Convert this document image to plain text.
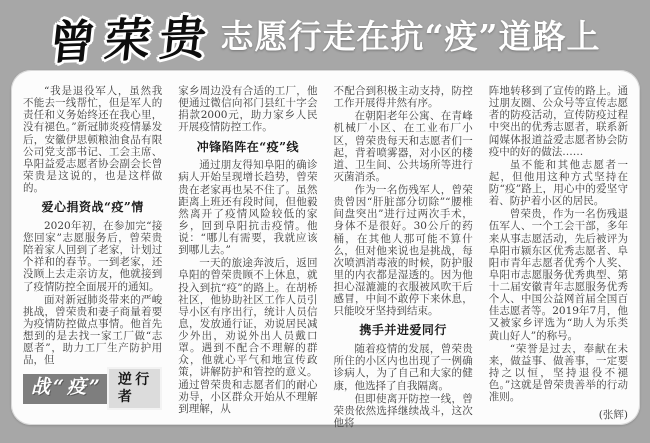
曾荣贵志愿行走在抗“疫”道路上

“我是退役军人，虽然我不能去一线帮忙，但是军人的责任和义务始终还在我心里，没有褪色。”新冠肺炎疫情暴发后，安徽伊思顿粮油食品有限公司党支部书记、工会主席、阜阳益爱志愿者协会副会长曾荣贵是这说的，也是这样做的。

爱心捐资战“疫”情

2020年初，在参加完“接您回家”志愿服务后，曾荣贵陪着家人回到了老家，计划过个祥和的春节。一到老家，还没顾上去走亲访友，他就接到了疫情防控全面展开的通知。

面对新冠肺炎带来的严峻挑战，曾荣贵和妻子商量着要为疫情防控做点事情。他首先想到的是去找一家工厂做“志愿者”，助力工厂生产防护用品，但

战“疫”	逆行者

家乡周边没有合适的工厂，他便通过微信向祁门县红十字会捐款2000元，助力家乡人民开展疫情防控工作。

冲锋陷阵在“疫”线

通过朋友得知阜阳的确诊病人开始呈现增长趋势，曾荣贵在老家再也呆不住了。虽然距离上班还有段时间，但他毅然离开了疫情风险较低的家乡，回到阜阳抗击疫情。他说：“哪儿有需要，我就应该到哪儿去。”

一天的旅途奔波后，返回阜阳的曾荣贵顾不上休息，就投入到抗“疫”的路上。在胡桥社区，他协助社区工作人员引导小区有序出行，统计人员信息，发放通行证，劝说居民减少外出，劝说外出人员戴口罩。遇到不配合不理解的群众，他就心平气和地宣传政策，讲解防护和管控的意义。通过曾荣贵和志愿者们的耐心劝导，小区群众开始从不理解到理解，从

不配合到积极主动支持，防控工作开展得井然有序。

在朝阳老年公寓、在青峰机械厂小区、在工业布厂小区，曾荣贵每天和志愿者们一起，背着喷雾器，对小区的楼道、卫生间、公共场所等进行灭菌消杀。

作为一名伤残军人，曾荣贵曾因“肝脏部分切除”“腰椎间盘突出”进行过两次手术，身体不是很好。30公斤的药桶，在其他人那可能不算什么，但对他来说也是挑战，每次喷洒消毒液的时候，防护服里的内衣都是湿透的。因为他担心湿漉漉的衣服被风吹干后感冒，中间不敢停下来休息，只能咬牙坚持到结束。

携手并进爱同行

随着疫情的发展，曾荣贵所住的小区内也出现了一例确诊病人，为了自己和大家的健康，他选择了自我隔离。

但即使离开防控一线，曾荣贵依然选择继续战斗，这次他将

阵地转移到了宣传的路上。通过朋友圈、公众号等宣传志愿者的防疫活动，宣传防疫过程中突出的优秀志愿者，联系新闻媒体报道益爱志愿者协会防疫中的好的做法……

虽不能和其他志愿者一起，但他用这种方式坚持在防“疫”路上，用心中的爱坚守着、防护着小区的居民。

曾荣贵，作为一名伤残退伍军人、一个工会干部，多年来从事志愿活动，先后被评为阜阳市颍东区优秀志愿者、阜阳市青年志愿者优秀个人奖、阜阳市志愿服务优秀典型、第十二届安徽青年志愿服务优秀个人、中国公益网首届全国百佳志愿者等。2019年7月，他又被家乡评选为“助人为乐类黄山好人”的称号。

“荣誉是过去，奉献在未来，做益事、做善事，一定要持之以恒，坚持退役不褪色。”这就是曾荣贵善举的行动准则。

(张辉)
